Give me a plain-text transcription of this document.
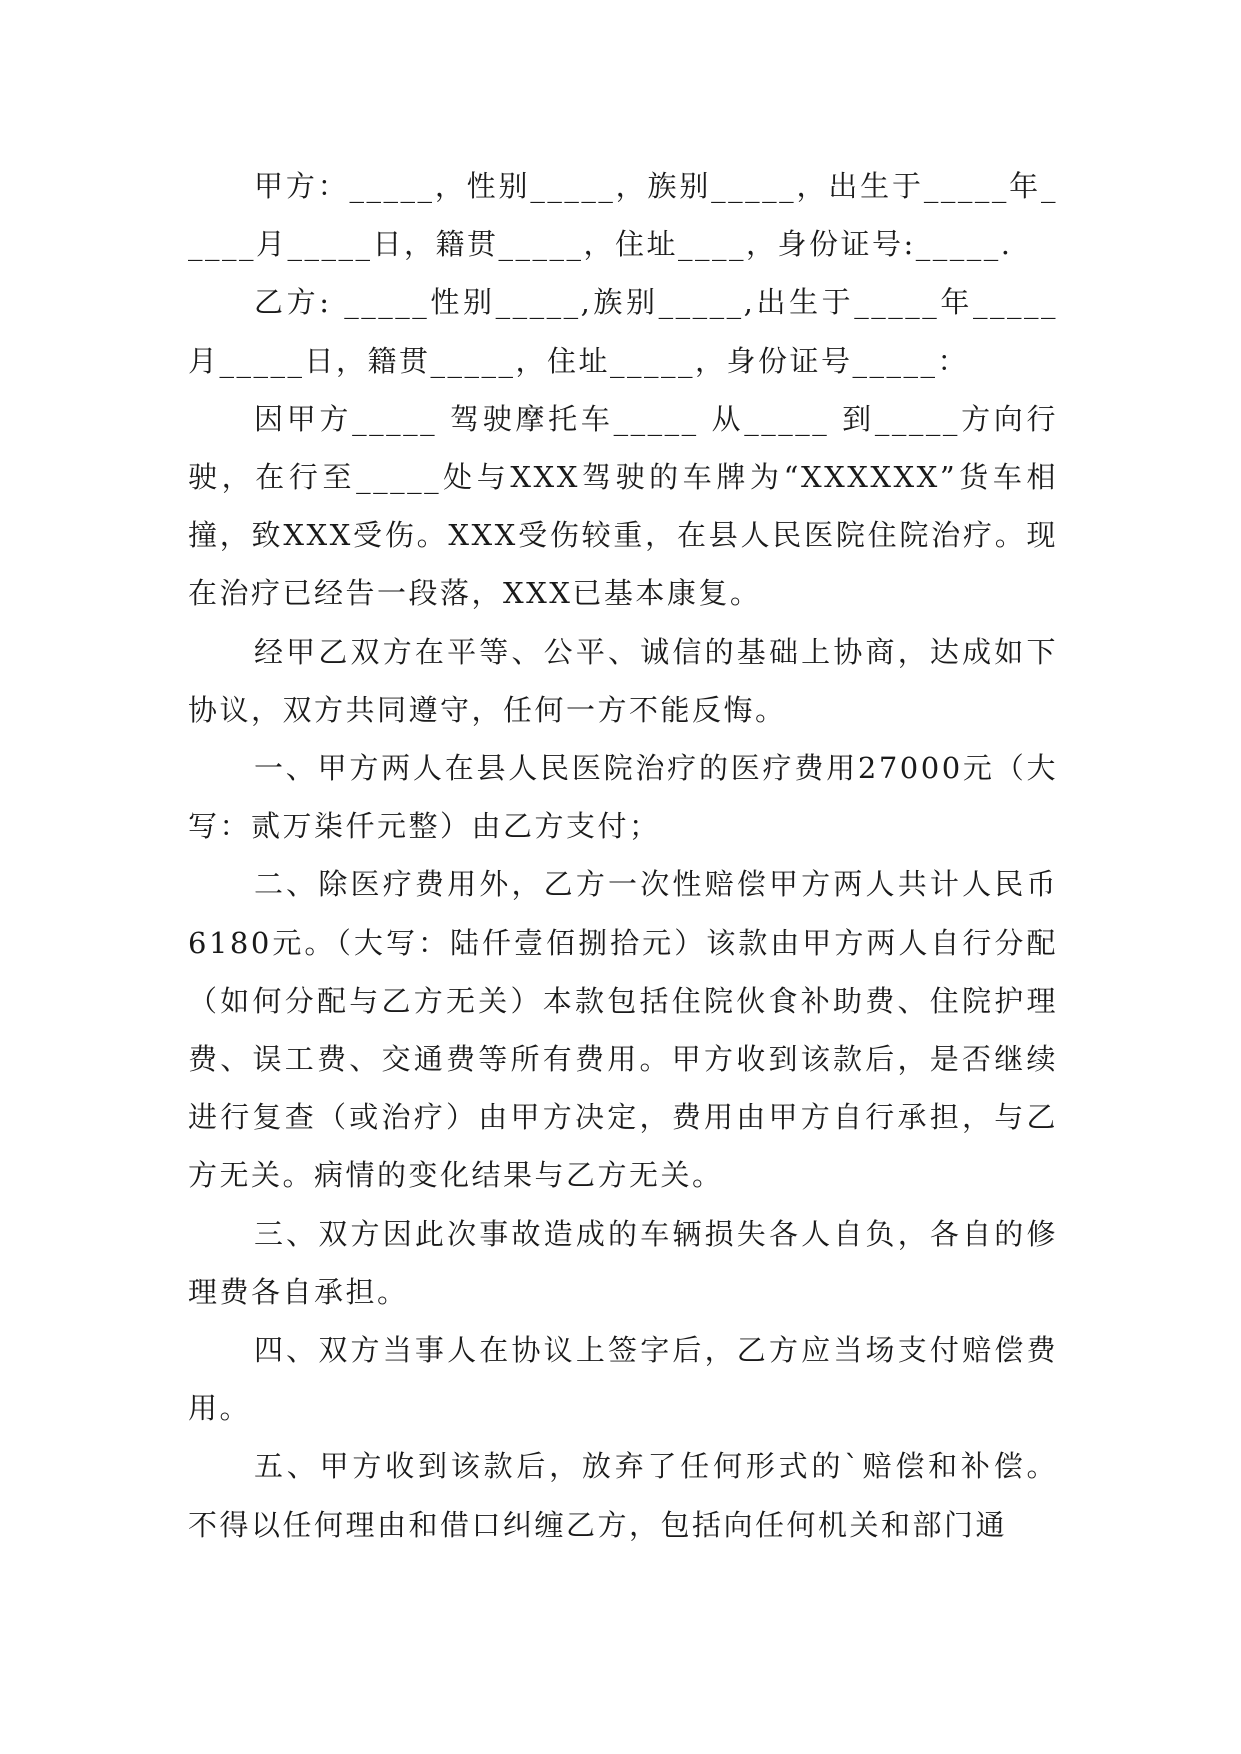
甲方：_____，性别_____，族别_____，出生于_____年_____月_____日，籍贯_____，住址____，身份证号:_____.

乙方: _____性别_____,族别_____,出生于_____年_____月_____日，籍贯_____，住址_____，身份证号_____：

因甲方_____ 驾驶摩托车_____ 从_____ 到_____方向行驶，在行至_____处与XXX驾驶的车牌为“XXXXXX”货车相撞，致XXX受伤。XXX受伤较重，在县人民医院住院治疗。现在治疗已经告一段落，XXX已基本康复。

经甲乙双方在平等、公平、诚信的基础上协商，达成如下协议，双方共同遵守，任何一方不能反悔。

一、甲方两人在县人民医院治疗的医疗费用27000元（大写：贰万柒仟元整）由乙方支付；

二、除医疗费用外，乙方一次性赔偿甲方两人共计人民币6180元。（大写：陆仟壹佰捌拾元）该款由甲方两人自行分配（如何分配与乙方无关）本款包括住院伙食补助费、住院护理费、误工费、交通费等所有费用。甲方收到该款后，是否继续进行复查（或治疗）由甲方决定，费用由甲方自行承担，与乙方无关。病情的变化结果与乙方无关。

三、双方因此次事故造成的车辆损失各人自负，各自的修理费各自承担。

四、双方当事人在协议上签字后，乙方应当场支付赔偿费用。

五、甲方收到该款后，放弃了任何形式的`赔偿和补偿。不得以任何理由和借口纠缠乙方，包括向任何机关和部门通
